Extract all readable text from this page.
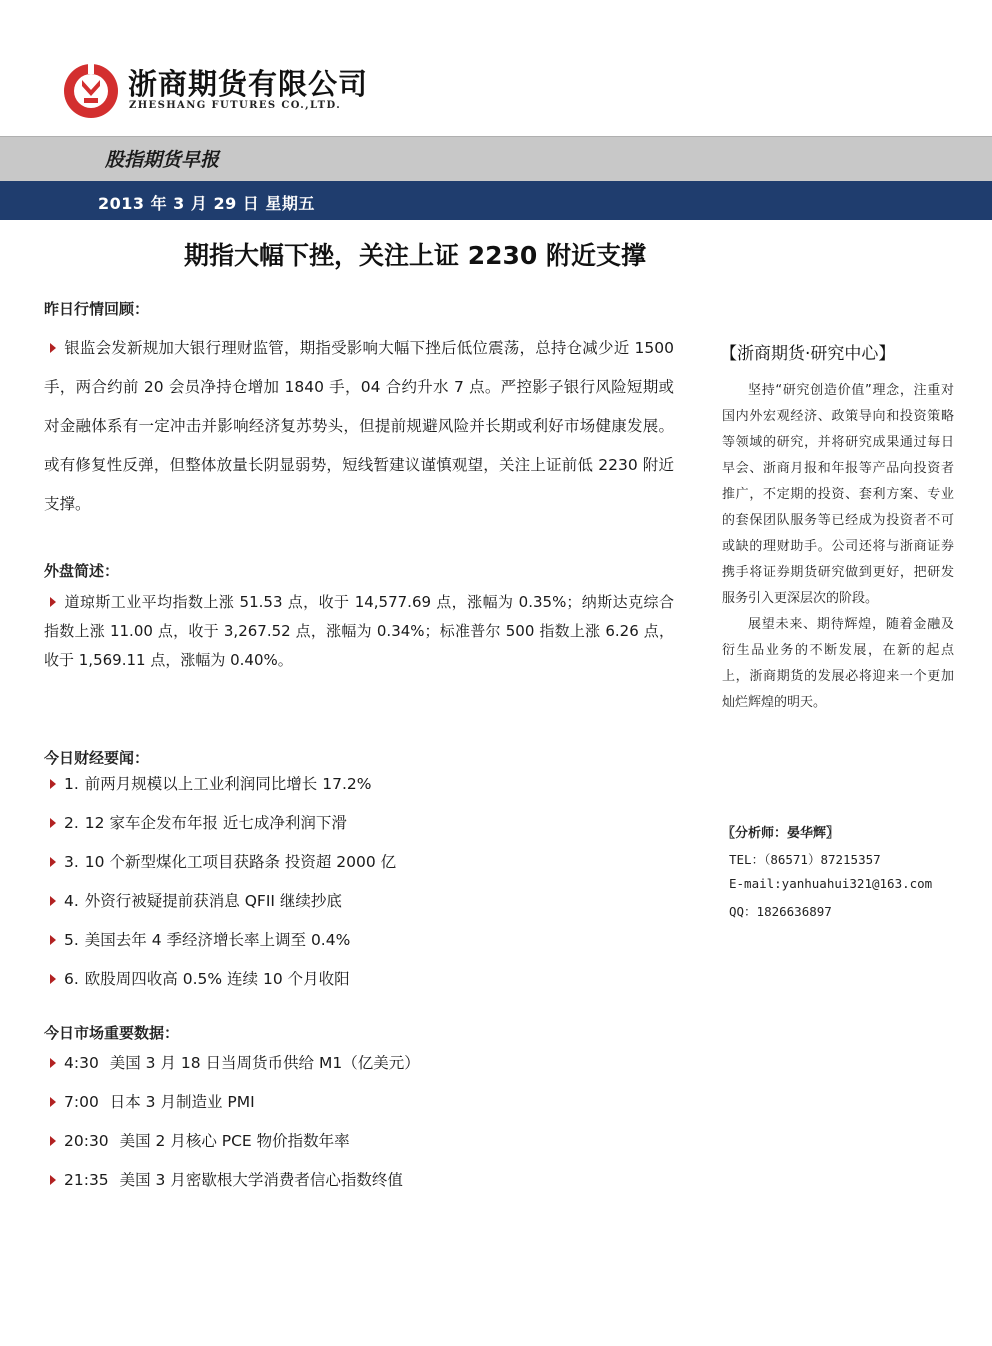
浙商期货有限公司
ZHESHANG FUTURES CO.,LTD.
股指期货早报
2013 年 3 月 29 日 星期五
期指大幅下挫，关注上证 2230 附近支撑
昨日行情回顾：
银监会发新规加大银行理财监管，期指受影响大幅下挫后低位震荡，总持仓减少近 1500 手，两合约前 20 会员净持仓增加 1840 手，04 合约升水 7 点。严控影子银行风险短期或对金融体系有一定冲击并影响经济复苏势头，但提前规避风险并长期或利好市场健康发展。或有修复性反弹，但整体放量长阴显弱势，短线暂建议谨慎观望，关注上证前低 2230 附近支撑。
外盘简述：
道琼斯工业平均指数上涨 51.53 点，收于 14,577.69 点，涨幅为 0.35%；纳斯达克综合指数上涨 11.00 点，收于 3,267.52 点，涨幅为 0.34%；标准普尔 500 指数上涨 6.26 点，收于 1,569.11 点，涨幅为 0.40%。
今日财经要闻：
1. 前两月规模以上工业利润同比增长 17.2%
2. 12 家车企发布年报 近七成净利润下滑
3. 10 个新型煤化工项目获路条 投资超 2000 亿
4. 外资行被疑提前获消息 QFII 继续抄底
5. 美国去年 4 季经济增长率上调至 0.4%
6. 欧股周四收高 0.5% 连续 10 个月收阳
今日市场重要数据：
4:30 美国 3 月 18 日当周货币供给 M1（亿美元）
7:00 日本 3 月制造业 PMI
20:30 美国 2 月核心 PCE 物价指数年率
21:35 美国 3 月密歇根大学消费者信心指数终值
【浙商期货·研究中心】

坚持“研究创造价值”理念，注重对国内外宏观经济、政策导向和投资策略等领域的研究，并将研究成果通过每日早会、浙商月报和年报等产品向投资者推广，不定期的投资、套利方案、专业的套保团队服务等已经成为投资者不可或缺的理财助手。公司还将与浙商证券携手将证券期货研究做到更好，把研发服务引入更深层次的阶段。

展望未来、期待辉煌，随着金融及衍生品业务的不断发展，在新的起点上，浙商期货的发展必将迎来一个更加灿烂辉煌的明天。

〖分析师：晏华辉〗
TEL：（86571）87215357
E-mail:yanhuahui321@163.com
QQ：1826636897
